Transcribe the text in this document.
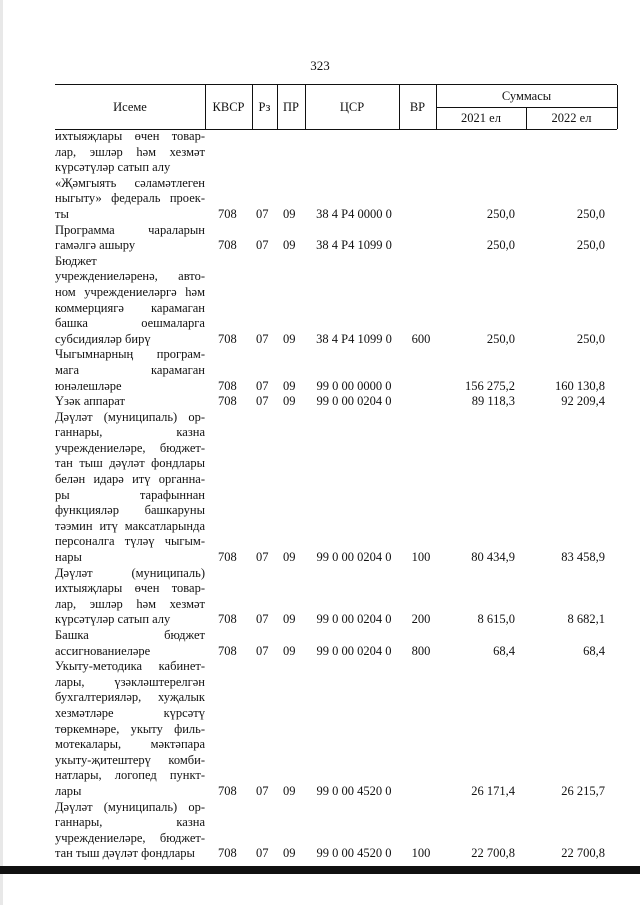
323
Исеме	КВСР	Рз	ПР	ЦСР	ВР
Суммасы
2021 ел	2022 ел
ихтыяҗлары өчен товар-
лар, эшләр һәм хезмәт
күрсәтүләр сатып алу
«Җәмгыять сәламәтлеген
ныгыту» федераль проек-
ты	708 07 09	38 4 Р4 0000 0	250,0	250,0
Программа чараларын
гамәлгә ашыру	708 07 09	38 4 Р4 1099 0	250,0	250,0
Бюджет
учреждениеләренә, авто-
ном учреждениеләргә һәм
коммерциягә карамаган
башка оешмаларга
субсидияләр бирү	708 07 09	38 4 Р4 1099 0	600	250,0	250,0
Чыгымнарның програм-
мага карамаган
юнәлешләре	708 07 09	99 0 00 0000 0	156 275,2	160 130,8
Үзәк аппарат	708 07 09	99 0 00 0204 0	89 118,3	92 209,4
Дәүләт (муниципаль) ор-
ганнары, казна
учреждениеләре, бюджет-
тан тыш дәүләт фондлары
белән идарә итү органна-
ры тарафыннан
функцияләр башкаруны
тәэмин итү максатларында
персоналга түләү чыгым-
нары	708 07 09	99 0 00 0204 0	100	80 434,9	83 458,9
Дәүләт (муниципаль)
ихтыяҗлары өчен товар-
лар, эшләр һәм хезмәт
күрсәтүләр сатып алу	708 07 09	99 0 00 0204 0	200	8 615,0	8 682,1
Башка бюджет
ассигнованиеләре	708 07 09	99 0 00 0204 0	800	68,4	68,4
Укыту-методика кабинет-
лары, үзәкләштерелгән
бухгалтерияләр, хуҗалык
хезмәтләре күрсәтү
төркемнәре, укыту филь-
мотекалары, мәктәпара
укыту-җитештерү комби-
натлары, логопед пункт-
лары	708 07 09	99 0 00 4520 0	26 171,4	26 215,7
Дәүләт (муниципаль) ор-
ганнары, казна
учреждениеләре, бюджет-
тан тыш дәүләт фондлары	708 07 09	99 0 00 4520 0	100	22 700,8	22 700,8
